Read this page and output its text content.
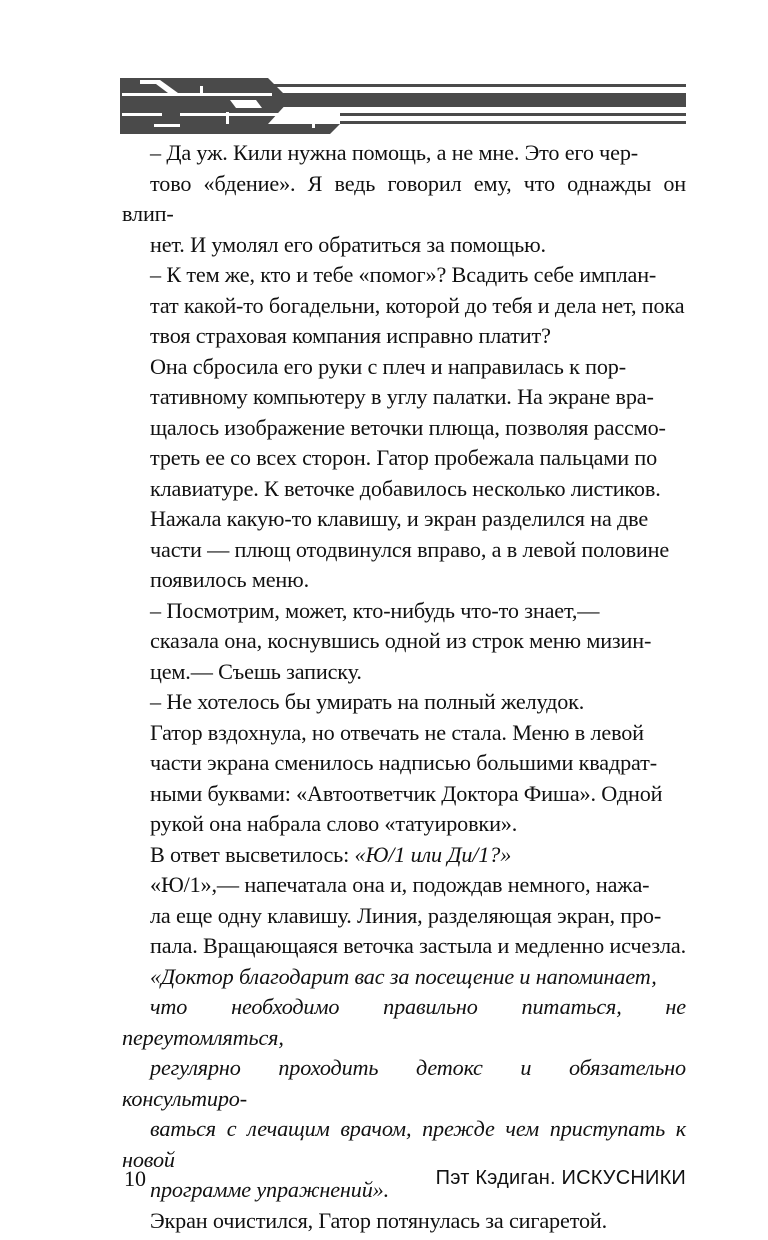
– Да уж. Кили нужна помощь, а не мне. Это его чер-
тово «бдение». Я ведь говорил ему, что однажды он влип-
нет. И умолял его обратиться за помощью.

– К тем же, кто и тебе «помог»? Всадить себе имплан-
тат какой-то богадельни, которой до тебя и дела нет, пока
твоя страховая компания исправно платит?

Она сбросила его руки с плеч и направилась к пор-
тативному компьютеру в углу палатки. На экране вра-
щалось изображение веточки плюща, позволяя рассмо-
треть ее со всех сторон. Гатор пробежала пальцами по
клавиатуре. К веточке добавилось несколько листиков.
Нажала какую-то клавишу, и экран разделился на две
части — плющ отодвинулся вправо, а в левой половине
появилось меню.

– Посмотрим, может, кто-нибудь что-то знает,—
сказала она, коснувшись одной из строк меню мизин-
цем.— Съешь записку.

– Не хотелось бы умирать на полный желудок.

Гатор вздохнула, но отвечать не стала. Меню в левой
части экрана сменилось надписью большими квадрат-
ными буквами: «Автоответчик Доктора Фиша». Одной
рукой она набрала слово «татуировки».

В ответ высветилось: «Ю/1 или Ди/1?»

«Ю/1»,— напечатала она и, подождав немного, нажа-
ла еще одну клавишу. Линия, разделяющая экран, про-
пала. Вращающаяся веточка застыла и медленно исчезла.

«Доктор благодарит вас за посещение и напоминает,
что необходимо правильно питаться, не переутомляться,
регулярно проходить детокс и обязательно консультиро-
ваться с лечащим врачом, прежде чем приступать к новой
программе упражнений».

Экран очистился, Гатор потянулась за сигаретой.

10	Пэт Кэдиган. ИСКУСНИКИ
